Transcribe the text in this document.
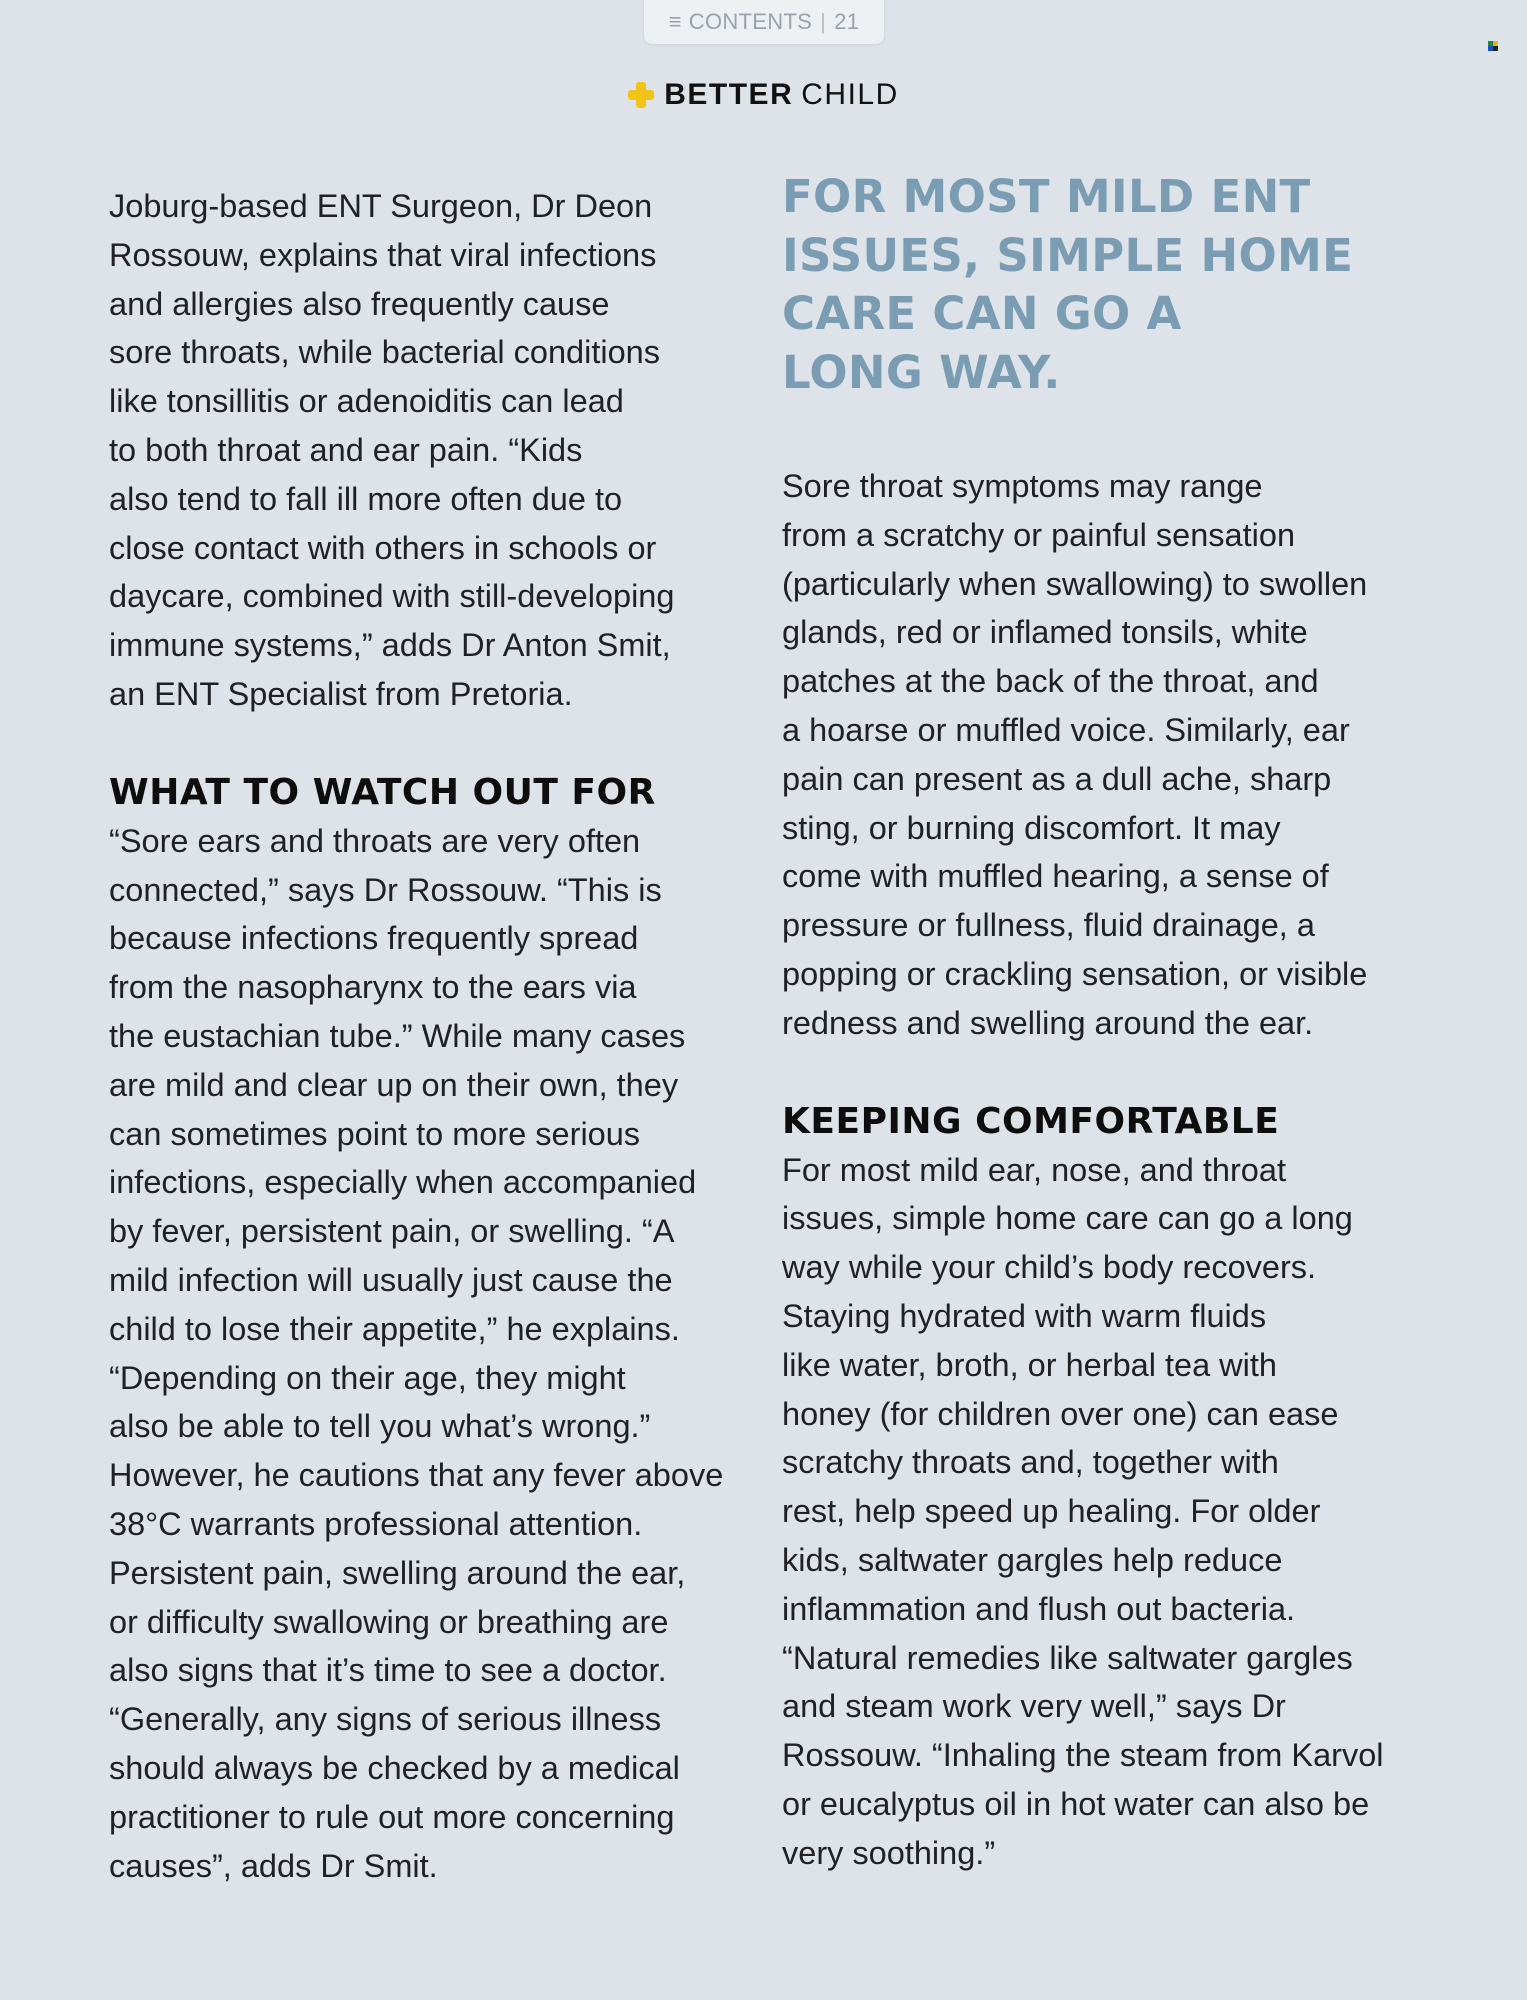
≡ CONTENTS | 21
BETTER CHILD

Joburg-based ENT Surgeon, Dr Deon
Rossouw, explains that viral infections
and allergies also frequently cause
sore throats, while bacterial conditions
like tonsillitis or adenoiditis can lead
to both throat and ear pain. “Kids
also tend to fall ill more often due to
close contact with others in schools or
daycare, combined with still-developing
immune systems,” adds Dr Anton Smit,
an ENT Specialist from Pretoria.

WHAT TO WATCH OUT FOR

“Sore ears and throats are very often
connected,” says Dr Rossouw. “This is
because infections frequently spread
from the nasopharynx to the ears via
the eustachian tube.” While many cases
are mild and clear up on their own, they
can sometimes point to more serious
infections, especially when accompanied
by fever, persistent pain, or swelling. “A
mild infection will usually just cause the
child to lose their appetite,” he explains.
“Depending on their age, they might
also be able to tell you what’s wrong.”
However, he cautions that any fever above
38°C warrants professional attention.
Persistent pain, swelling around the ear,
or difficulty swallowing or breathing are
also signs that it’s time to see a doctor.
“Generally, any signs of serious illness
should always be checked by a medical
practitioner to rule out more concerning
causes”, adds Dr Smit.

FOR MOST MILD ENT
ISSUES, SIMPLE HOME
CARE CAN GO A
LONG WAY.

Sore throat symptoms may range
from a scratchy or painful sensation
(particularly when swallowing) to swollen
glands, red or inflamed tonsils, white
patches at the back of the throat, and
a hoarse or muffled voice. Similarly, ear
pain can present as a dull ache, sharp
sting, or burning discomfort. It may
come with muffled hearing, a sense of
pressure or fullness, fluid drainage, a
popping or crackling sensation, or visible
redness and swelling around the ear.

KEEPING COMFORTABLE

For most mild ear, nose, and throat
issues, simple home care can go a long
way while your child’s body recovers.
Staying hydrated with warm fluids
like water, broth, or herbal tea with
honey (for children over one) can ease
scratchy throats and, together with
rest, help speed up healing. For older
kids, saltwater gargles help reduce
inflammation and flush out bacteria.
“Natural remedies like saltwater gargles
and steam work very well,” says Dr
Rossouw. “Inhaling the steam from Karvol
or eucalyptus oil in hot water can also be
very soothing.”
